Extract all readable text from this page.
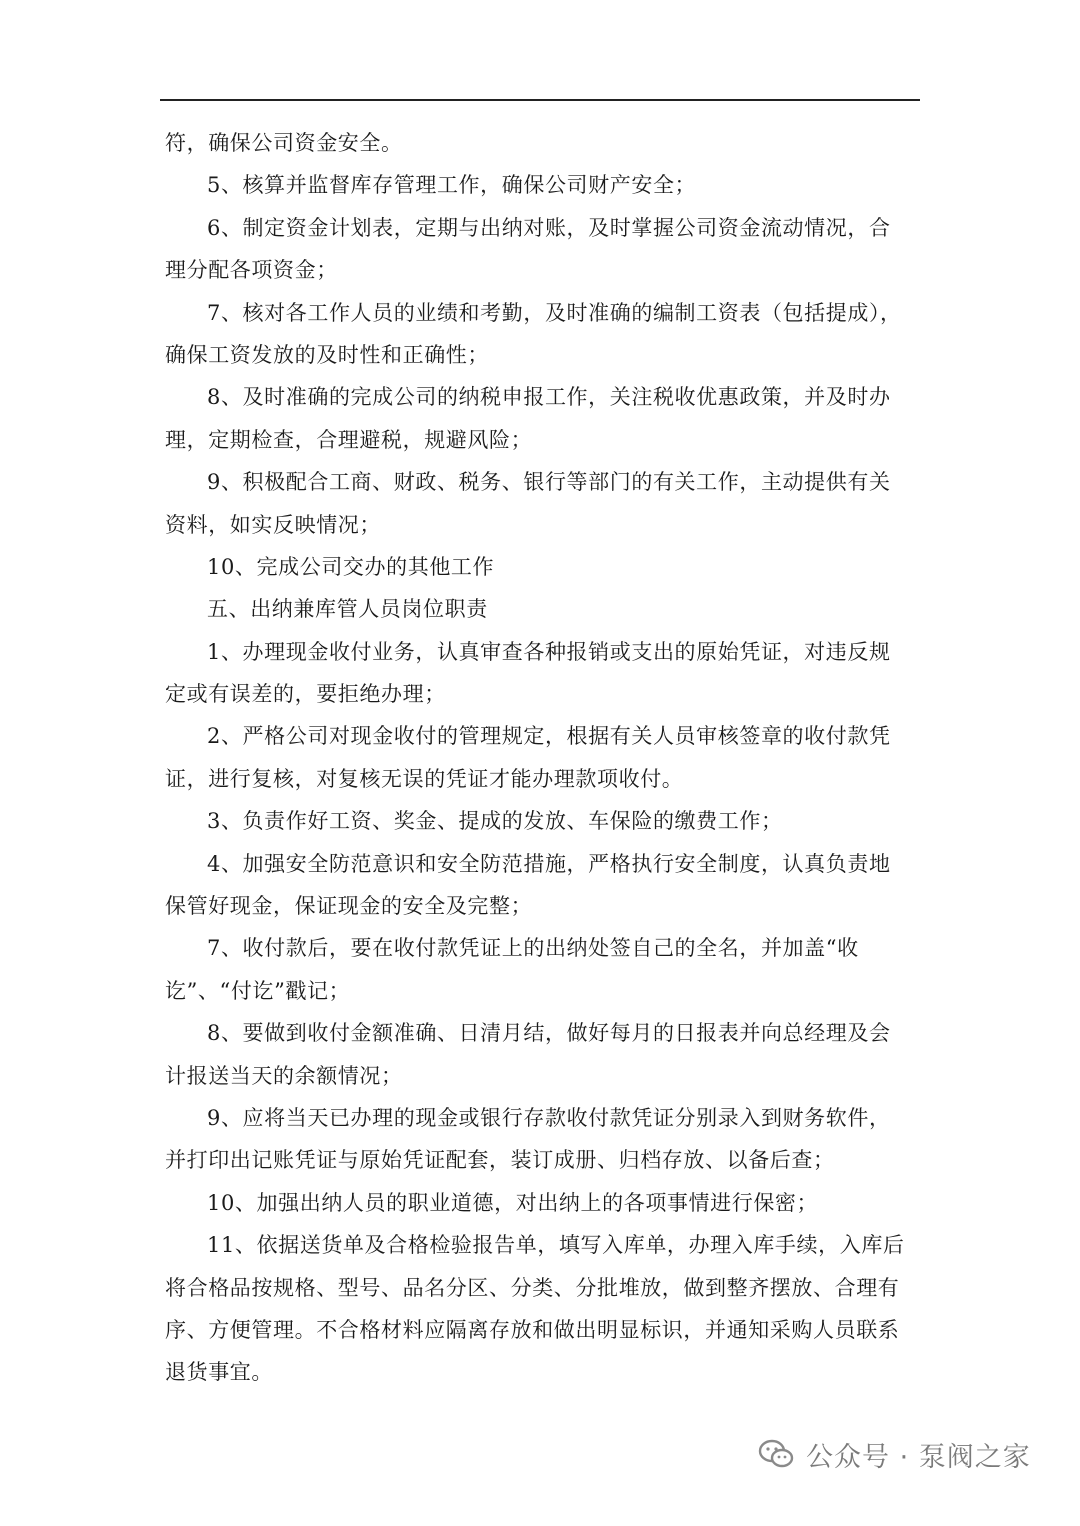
符，确保公司资金安全。
5、核算并监督库存管理工作，确保公司财产安全；
6、制定资金计划表，定期与出纳对账，及时掌握公司资金流动情况，合
理分配各项资金；
7、核对各工作人员的业绩和考勤，及时准确的编制工资表（包括提成），
确保工资发放的及时性和正确性；
8、及时准确的完成公司的纳税申报工作，关注税收优惠政策，并及时办
理，定期检查，合理避税，规避风险；
9、积极配合工商、财政、税务、银行等部门的有关工作，主动提供有关
资料，如实反映情况；
10、完成公司交办的其他工作
五、出纳兼库管人员岗位职责
1、办理现金收付业务，认真审查各种报销或支出的原始凭证，对违反规
定或有误差的，要拒绝办理；
2、严格公司对现金收付的管理规定，根据有关人员审核签章的收付款凭
证，进行复核，对复核无误的凭证才能办理款项收付。
3、负责作好工资、奖金、提成的发放、车保险的缴费工作；
4、加强安全防范意识和安全防范措施，严格执行安全制度，认真负责地
保管好现金，保证现金的安全及完整；
7、收付款后，要在收付款凭证上的出纳处签自己的全名，并加盖“收
讫”、“付讫”戳记；
8、要做到收付金额准确、日清月结，做好每月的日报表并向总经理及会
计报送当天的余额情况；
9、应将当天已办理的现金或银行存款收付款凭证分别录入到财务软件，
并打印出记账凭证与原始凭证配套，装订成册、归档存放、以备后查；
10、加强出纳人员的职业道德，对出纳上的各项事情进行保密；
11、依据送货单及合格检验报告单，填写入库单，办理入库手续，入库后
将合格品按规格、型号、品名分区、分类、分批堆放，做到整齐摆放、合理有
序、方便管理。不合格材料应隔离存放和做出明显标识，并通知采购人员联系
退货事宜。
公众号 · 泵阀之家
